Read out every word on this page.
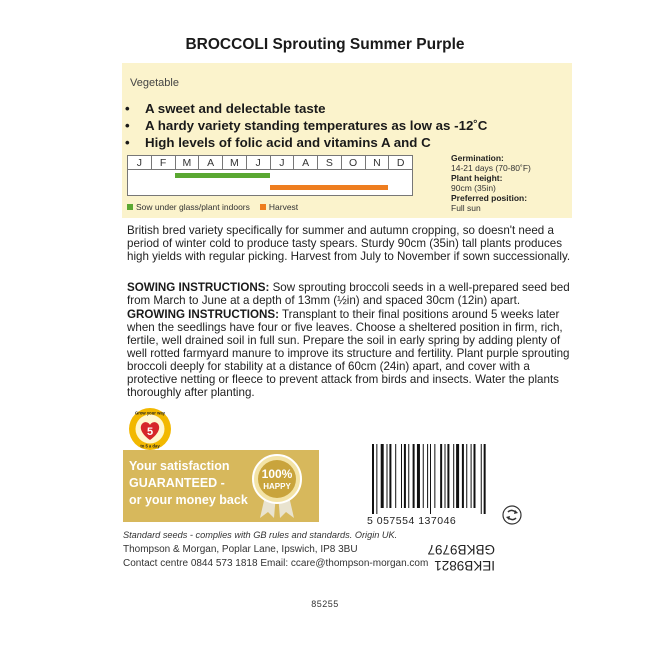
BROCCOLI Sprouting Summer Purple
Vegetable
• A sweet and delectable taste
• A hardy variety standing temperatures as low as -12˚C
• High levels of folic acid and vitamins A and C
J	F	M	A	M	J	J	A	S	O	N	D
Sow under glass/plant indoors Harvest
Germination:
14-21 days (70-80˚F)
Plant height:
90cm (35in)
Preferred position:
Full sun

British bred variety specifically for summer and autumn cropping, so doesn't need a period of winter cold to produce tasty spears. Sturdy 90cm (35in) tall plants produces high yields with regular picking. Harvest from July to November if sown successionally.

SOWING INSTRUCTIONS: Sow sprouting broccoli seeds in a well-prepared seed bed from March to June at a depth of 13mm (½in) and spaced 30cm (12in) apart.

GROWING INSTRUCTIONS: Transplant to their final positions around 5 weeks later when the seedlings have four or five leaves. Choose a sheltered position in firm, rich, fertile, well drained soil in full sun. Prepare the soil in early spring by adding plenty of well rotted farmyard manure to improve its structure and fertility. Plant purple sprouting broccoli deeply for stability at a distance of 60cm (24in) apart, and cover with a protective netting or fleece to prevent attack from birds and insects. Water the plants thoroughly after planting.

5
Grow your way
to 5 a day
Your satisfaction
GUARANTEED -
or your money back
100%
HAPPY
5 057554 137046
Standard seeds - complies with GB rules and standards. Origin UK.
Thompson & Morgan, Poplar Lane, Ipswich, IP8 3BU
Contact centre 0844 573 1818 Email: ccare@thompson-morgan.com IEKB9821
GBKB9797
85255
